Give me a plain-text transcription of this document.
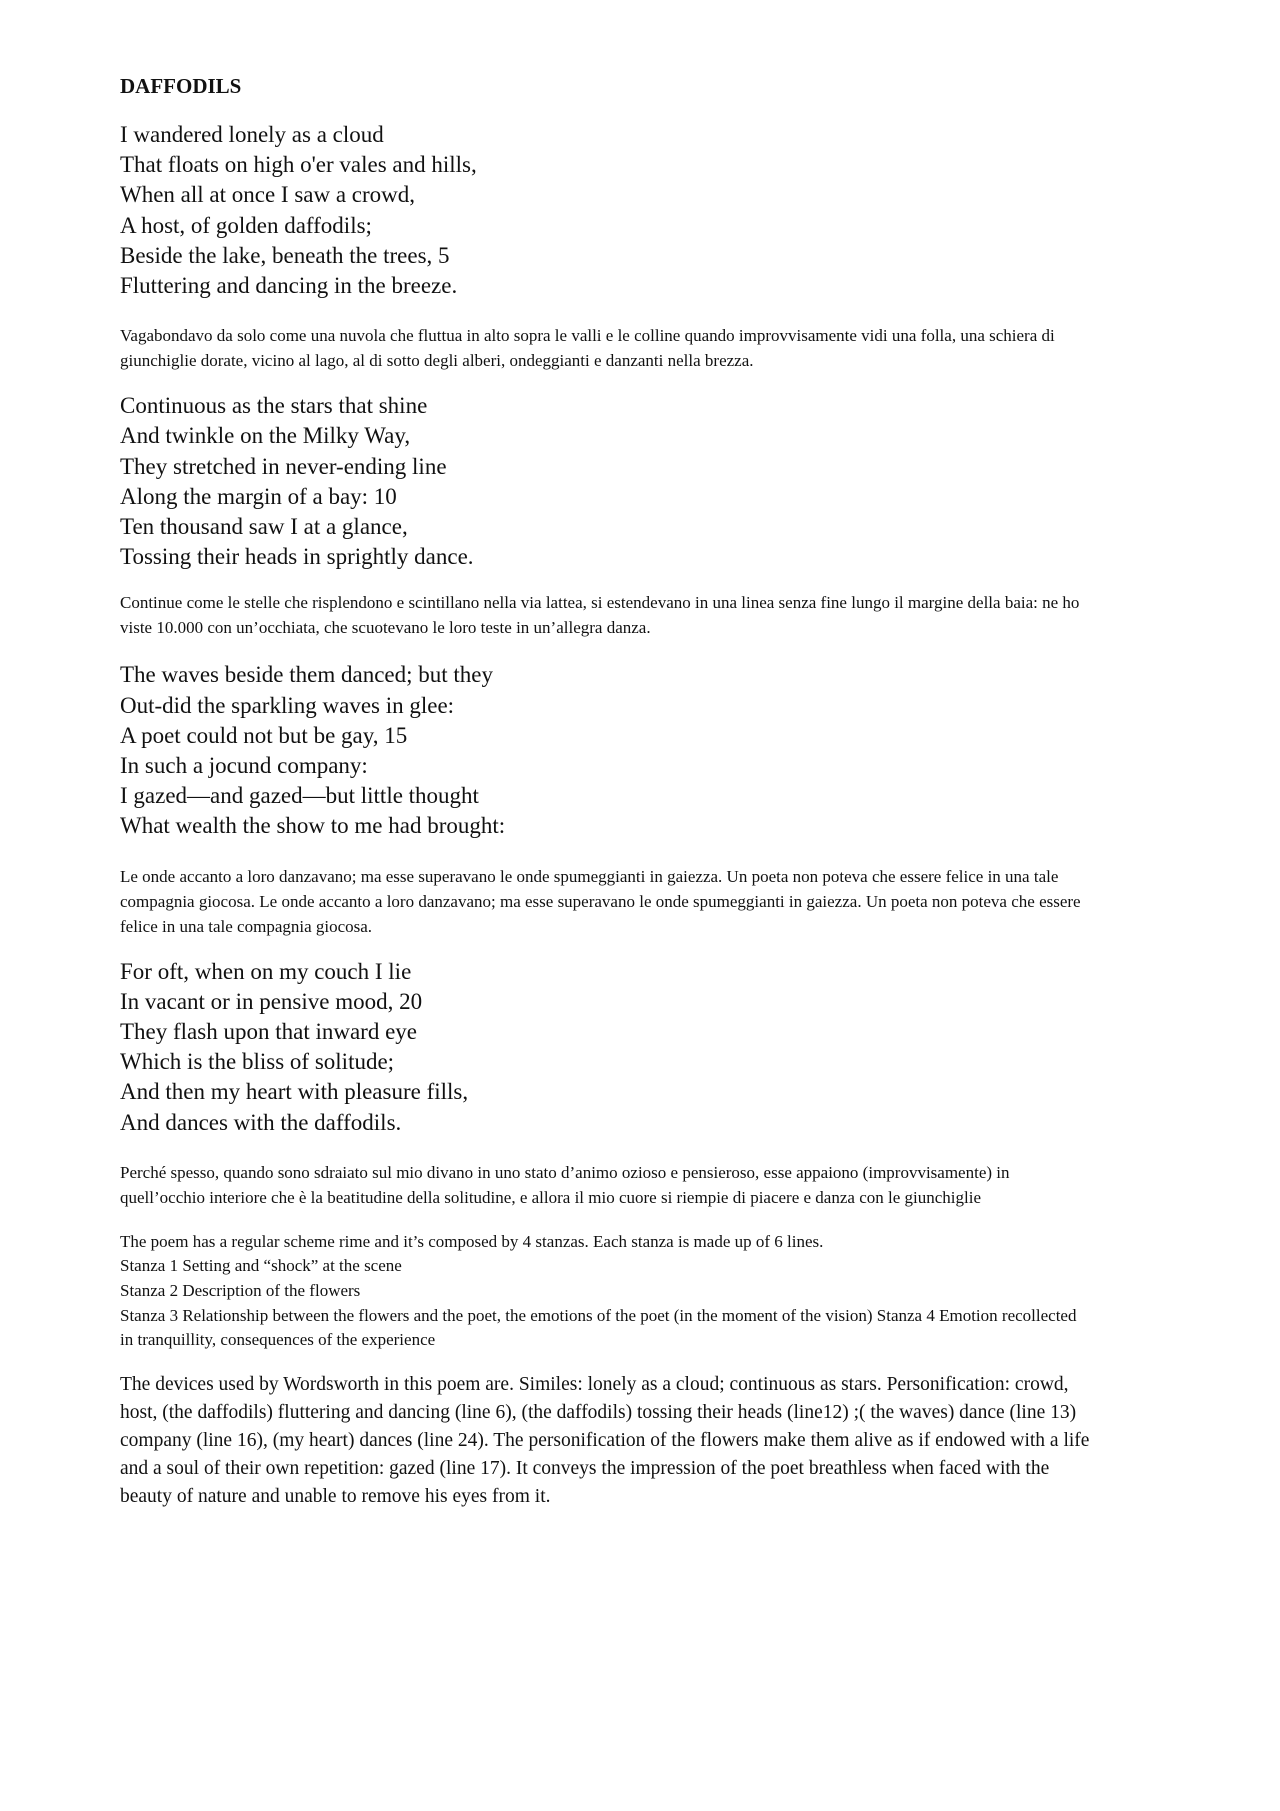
DAFFODILS
I wandered lonely as a cloud
That floats on high o'er vales and hills,
When all at once I saw a crowd,
A host, of golden daffodils;
Beside the lake, beneath the trees, 5
Fluttering and dancing in the breeze.

Vagabondavo da solo come una nuvola che fluttua in alto sopra le valli e le colline quando improvvisamente vidi una folla, una schiera di giunchiglie dorate, vicino al lago, al di sotto degli alberi, ondeggianti e danzanti nella brezza.

Continuous as the stars that shine
And twinkle on the Milky Way,
They stretched in never-ending line
Along the margin of a bay: 10
Ten thousand saw I at a glance,
Tossing their heads in sprightly dance.

Continue come le stelle che risplendono e scintillano nella via lattea, si estendevano in una linea senza fine lungo il margine della baia: ne ho viste 10.000 con un’occhiata, che scuotevano le loro teste in un’allegra danza.

The waves beside them danced; but they
Out-did the sparkling waves in glee:
A poet could not but be gay, 15
In such a jocund company:
I gazed—and gazed—but little thought
What wealth the show to me had brought:

Le onde accanto a loro danzavano; ma esse superavano le onde spumeggianti in gaiezza. Un poeta non poteva che essere felice in una tale compagnia giocosa. Le onde accanto a loro danzavano; ma esse superavano le onde spumeggianti in gaiezza. Un poeta non poteva che essere felice in una tale compagnia giocosa.

For oft, when on my couch I lie
In vacant or in pensive mood, 20
They flash upon that inward eye
Which is the bliss of solitude;
And then my heart with pleasure fills,
And dances with the daffodils.

Perché spesso, quando sono sdraiato sul mio divano in uno stato d’animo ozioso e pensieroso, esse appaiono (improvvisamente) in quell’occhio interiore che è la beatitudine della solitudine, e allora il mio cuore si riempie di piacere e danza con le giunchiglie

The poem has a regular scheme rime and it’s composed by 4 stanzas. Each stanza is made up of 6 lines.
Stanza 1 Setting and “shock” at the scene
Stanza 2 Description of the flowers
Stanza 3 Relationship between the flowers and the poet, the emotions of the poet (in the moment of the vision) Stanza 4 Emotion recollected in tranquillity, consequences of the experience

The devices used by Wordsworth in this poem are. Similes: lonely as a cloud; continuous as stars. Personification: crowd, host, (the daffodils) fluttering and dancing (line 6), (the daffodils) tossing their heads (line12) ;( the waves) dance (line 13) company (line 16), (my heart) dances (line 24). The personification of the flowers make them alive as if endowed with a life and a soul of their own repetition: gazed (line 17). It conveys the impression of the poet breathless when faced with the beauty of nature and unable to remove his eyes from it.
